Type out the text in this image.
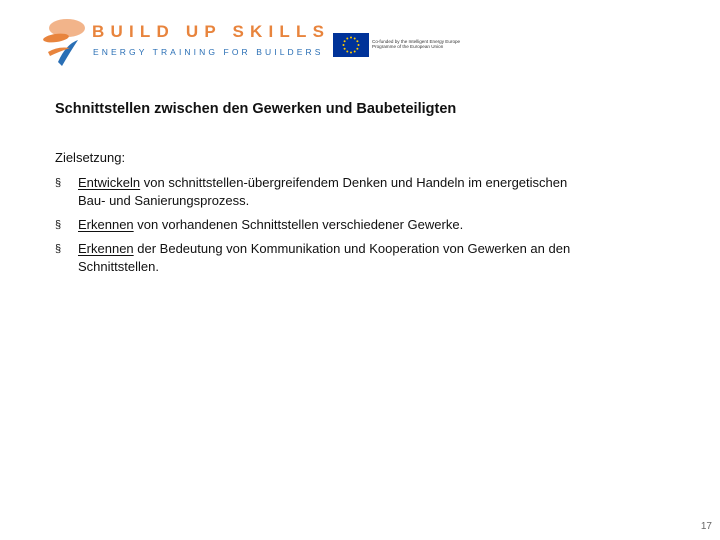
BUILD UP SKILLS
ENERGY TRAINING FOR BUILDERS
Co-funded by the Intelligent Energy Europe
Programme of the European Union
Schnittstellen zwischen den Gewerken und Baubeteiligten
Zielsetzung:
§ Entwickeln von schnittstellen-übergreifendem Denken und Handeln im energetischen Bau- und Sanierungsprozess.
§ Erkennen von vorhandenen Schnittstellen verschiedener Gewerke.
§ Erkennen der Bedeutung von Kommunikation und Kooperation von Gewerken an den Schnittstellen.
17
